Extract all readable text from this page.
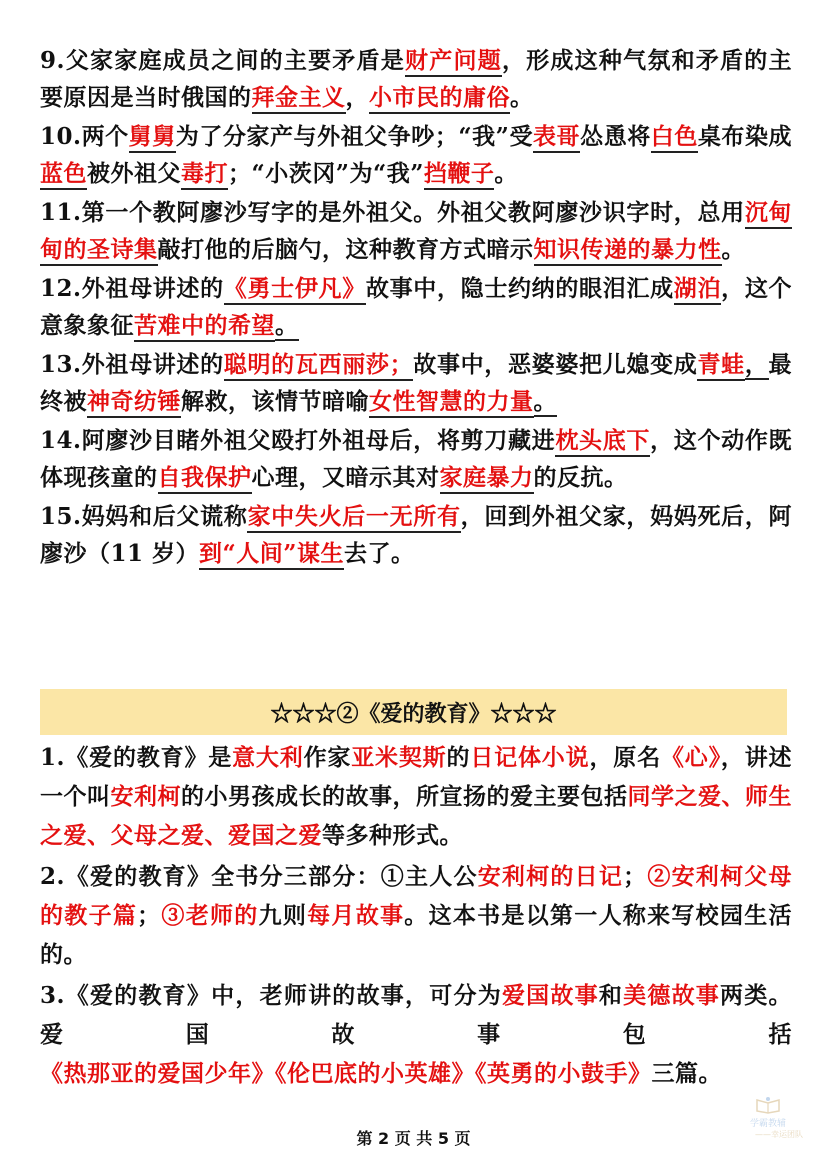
9.父家家庭成员之间的主要矛盾是财产问题，形成这种气氛和矛盾的主要原因是当时俄国的拜金主义，小市民的庸俗。

10.两个舅舅为了分家产与外祖父争吵；“我”受表哥怂恿将白色桌布染成蓝色被外祖父毒打；“小茨冈”为“我”挡鞭子。

11.第一个教阿廖沙写字的是外祖父。外祖父教阿廖沙识字时，总用沉甸甸的圣诗集敲打他的后脑勺，这种教育方式暗示知识传递的暴力性。

12.外祖母讲述的《勇士伊凡》故事中，隐士约纳的眼泪汇成湖泊，这个意象象征苦难中的希望。

13.外祖母讲述的聪明的瓦西丽莎；故事中，恶婆婆把儿媳变成青蛙，最终被神奇纺锤解救，该情节暗喻女性智慧的力量。

14.阿廖沙目睹外祖父殴打外祖母后，将剪刀藏进枕头底下，这个动作既体现孩童的自我保护心理，又暗示其对家庭暴力的反抗。

15.妈妈和后父谎称家中失火后一无所有，回到外祖父家，妈妈死后，阿廖沙（11 岁）到“人间”谋生去了。

☆☆☆②《爱的教育》☆☆☆

1.《爱的教育》是意大利作家亚米契斯的日记体小说，原名《心》，讲述一个叫安利柯的小男孩成长的故事，所宣扬的爱主要包括同学之爱、师生之爱、父母之爱、爱国之爱等多种形式。

2.《爱的教育》全书分三部分：①主人公安利柯的日记；②安利柯父母的教子篇；③老师的九则每月故事。这本书是以第一人称来写校园生活的。

3.《爱的教育》中，老师讲的故事，可分为爱国故事和美德故事两类。爱国故事包括《热那亚的爱国少年》《伦巴底的小英雄》《英勇的小鼓手》三篇。

第 2 页 共 5 页
学霸教辅
——幸运团队
